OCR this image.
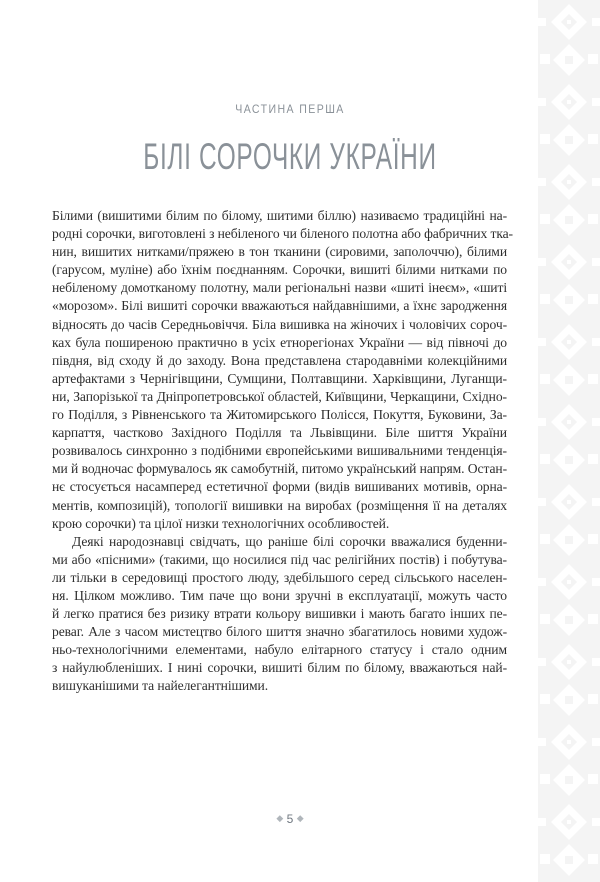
ЧАСТИНА ПЕРША
БІЛІ СОРОЧКИ УКРАЇНИ

Білими (вишитими білим по білому, шитими біллю) називаємо традиційні на-

родні сорочки, виготовлені з небіленого чи біленого полотна або фабричних тка-

нин, вишитих нитками/пряжею в тон тканини (сировими, заполоччю), білими

(гарусом, муліне) або їхнім поєднанням. Сорочки, вишиті білими нитками по

небіленому домотканому полотну, мали регіональні назви «шиті інеєм», «шиті

«морозом». Білі вишиті сорочки вважаються найдавнішими, а їхнє зародження

відносять до часів Середньовіччя. Біла вишивка на жіночих і чоловічих сороч-

ках була поширеною практично в усіх етнорегіонах України — від півночі до

півдня, від сходу й до заходу. Вона представлена стародавніми колекційними

артефактами з Чернігівщини, Сумщини, Полтавщини. Харківщини, Луганщи-

ни, Запорізької та Дніпропетровської областей, Київщини, Черкащини, Східно-

го Поділля, з Рівненського та Житомирського Полісся, Покуття, Буковини, За-

карпаття, частково Західного Поділля та Львівщини. Біле шиття України

розвивалось синхронно з подібними європейськими вишивальними тенденція-

ми й водночас формувалось як самобутній, питомо український напрям. Остан-

нє стосується насамперед естетичної форми (видів вишиваних мотивів, орна-

ментів, композицій), топології вишивки на виробах (розміщення її на деталях

крою сорочки) та цілої низки технологічних особливостей.

Деякі народознавці свідчать, що раніше білі сорочки вважалися буденни-

ми або «пісними» (такими, що носилися під час релігійних постів) і побутува-

ли тільки в середовищі простого люду, здебільшого серед сільського населен-

ня. Цілком можливо. Тим паче що вони зручні в експлуатації, можуть часто

й легко пратися без ризику втрати кольору вишивки і мають багато інших пе-

реваг. Але з часом мистецтво білого шиття значно збагатилось новими худож-

ньо-технологічними елементами, набуло елітарного статусу і стало одним

з найулюбленіших. І нині сорочки, вишиті білим по білому, вважаються най-

вишуканішими та найелегантнішими.

◆ 5 ◆
